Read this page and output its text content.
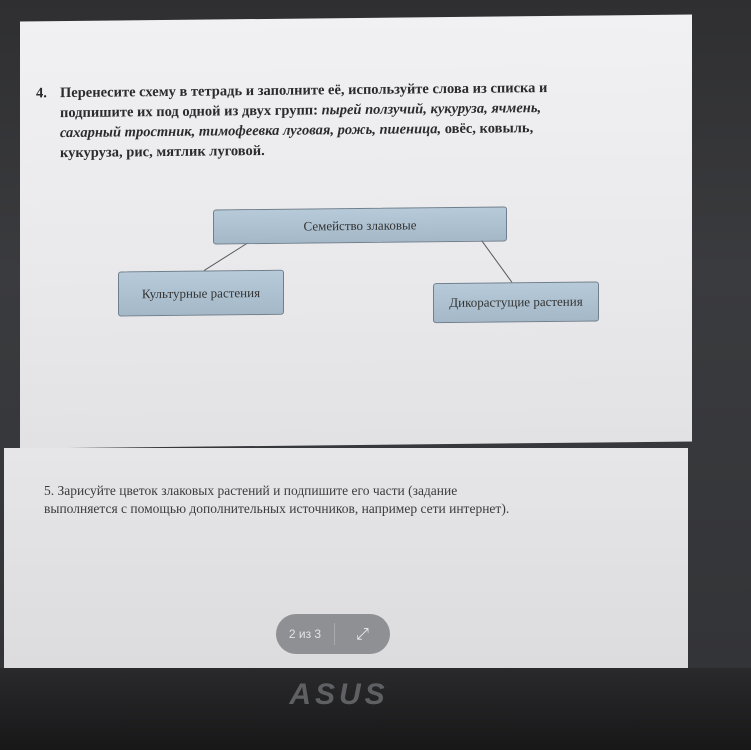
4. Перенесите схему в тетрадь и заполните её, используйте слова из списка и
подпишите их под одной из двух групп: пырей ползучий, кукуруза, ячмень,
сахарный тростник, тимофеевка луговая, рожь, пшеница, овёс, ковыль,
кукуруза, рис, мятлик луговой.
Семейство злаковые
Культурные растения
Дикорастущие растения
5. Зарисуйте цветок злаковых растений и подпишите его части (задание
выполняется с помощью дополнительных источников, например сети интернет).
2 из 3	⤢
ASUS
